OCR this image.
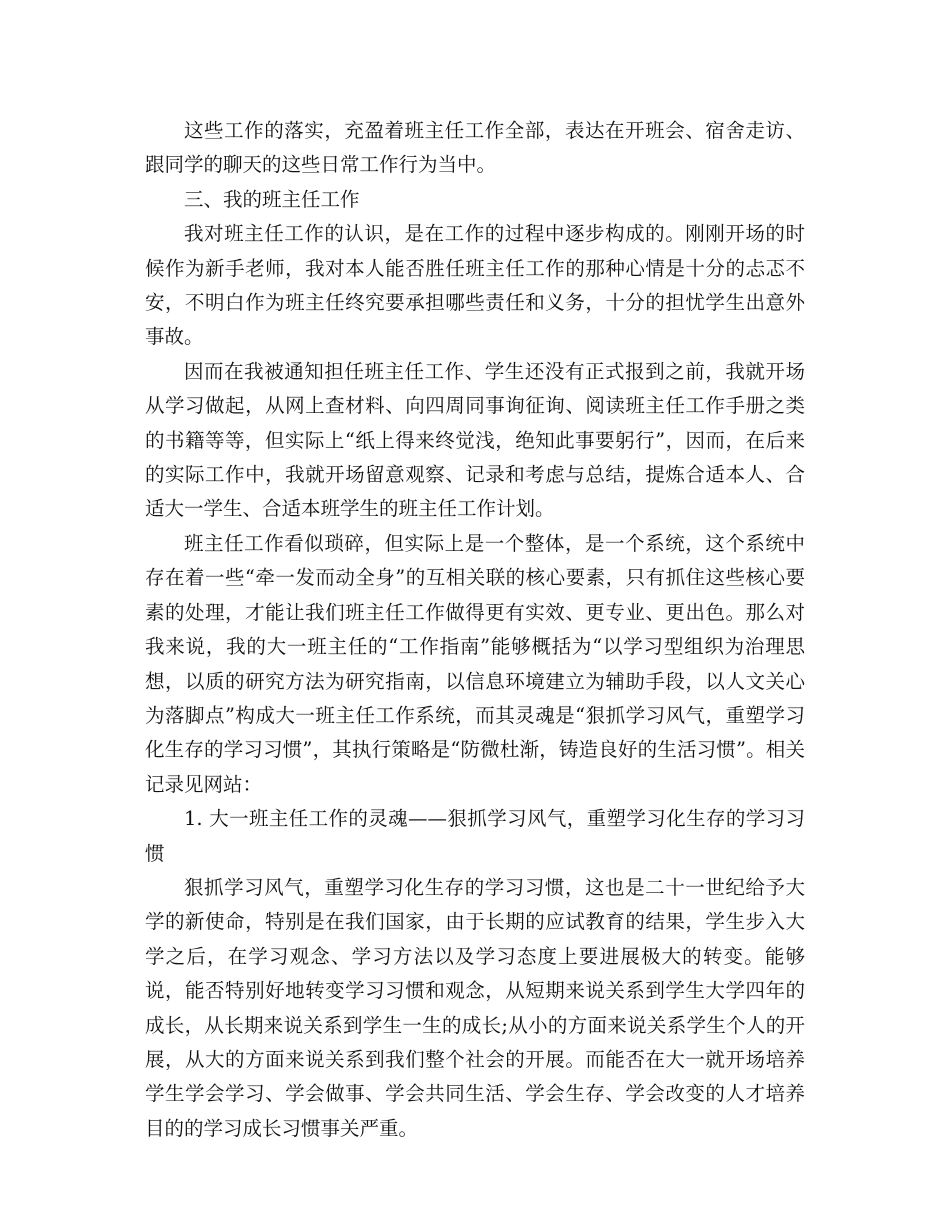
这些工作的落实，充盈着班主任工作全部，表达在开班会、宿舍走访、跟同学的聊天的这些日常工作行为当中。

三、我的班主任工作

我对班主任工作的认识，是在工作的过程中逐步构成的。刚刚开场的时候作为新手老师，我对本人能否胜任班主任工作的那种心情是十分的忐忑不安，不明白作为班主任终究要承担哪些责任和义务，十分的担忧学生出意外事故。

因而在我被通知担任班主任工作、学生还没有正式报到之前，我就开场从学习做起，从网上查材料、向四周同事询征询、阅读班主任工作手册之类的书籍等等，但实际上“纸上得来终觉浅，绝知此事要躬行”，因而，在后来的实际工作中，我就开场留意观察、记录和考虑与总结，提炼合适本人、合适大一学生、合适本班学生的班主任工作计划。

班主任工作看似琐碎，但实际上是一个整体，是一个系统，这个系统中存在着一些“牵一发而动全身”的互相关联的核心要素，只有抓住这些核心要素的处理，才能让我们班主任工作做得更有实效、更专业、更出色。那么对我来说，我的大一班主任的“工作指南”能够概括为“以学习型组织为治理思想，以质的研究方法为研究指南，以信息环境建立为辅助手段，以人文关心为落脚点”构成大一班主任工作系统，而其灵魂是“狠抓学习风气，重塑学习化生存的学习习惯”，其执行策略是“防微杜渐，铸造良好的生活习惯”。相关记录见网站：

1. 大一班主任工作的灵魂——狠抓学习风气，重塑学习化生存的学习习惯

狠抓学习风气，重塑学习化生存的学习习惯，这也是二十一世纪给予大学的新使命，特别是在我们国家，由于长期的应试教育的结果，学生步入大学之后，在学习观念、学习方法以及学习态度上要进展极大的转变。能够说，能否特别好地转变学习习惯和观念，从短期来说关系到学生大学四年的成长，从长期来说关系到学生一生的成长;从小的方面来说关系学生个人的开展，从大的方面来说关系到我们整个社会的开展。而能否在大一就开场培养学生学会学习、学会做事、学会共同生活、学会生存、学会改变的人才培养目的的学习成长习惯事关严重。
